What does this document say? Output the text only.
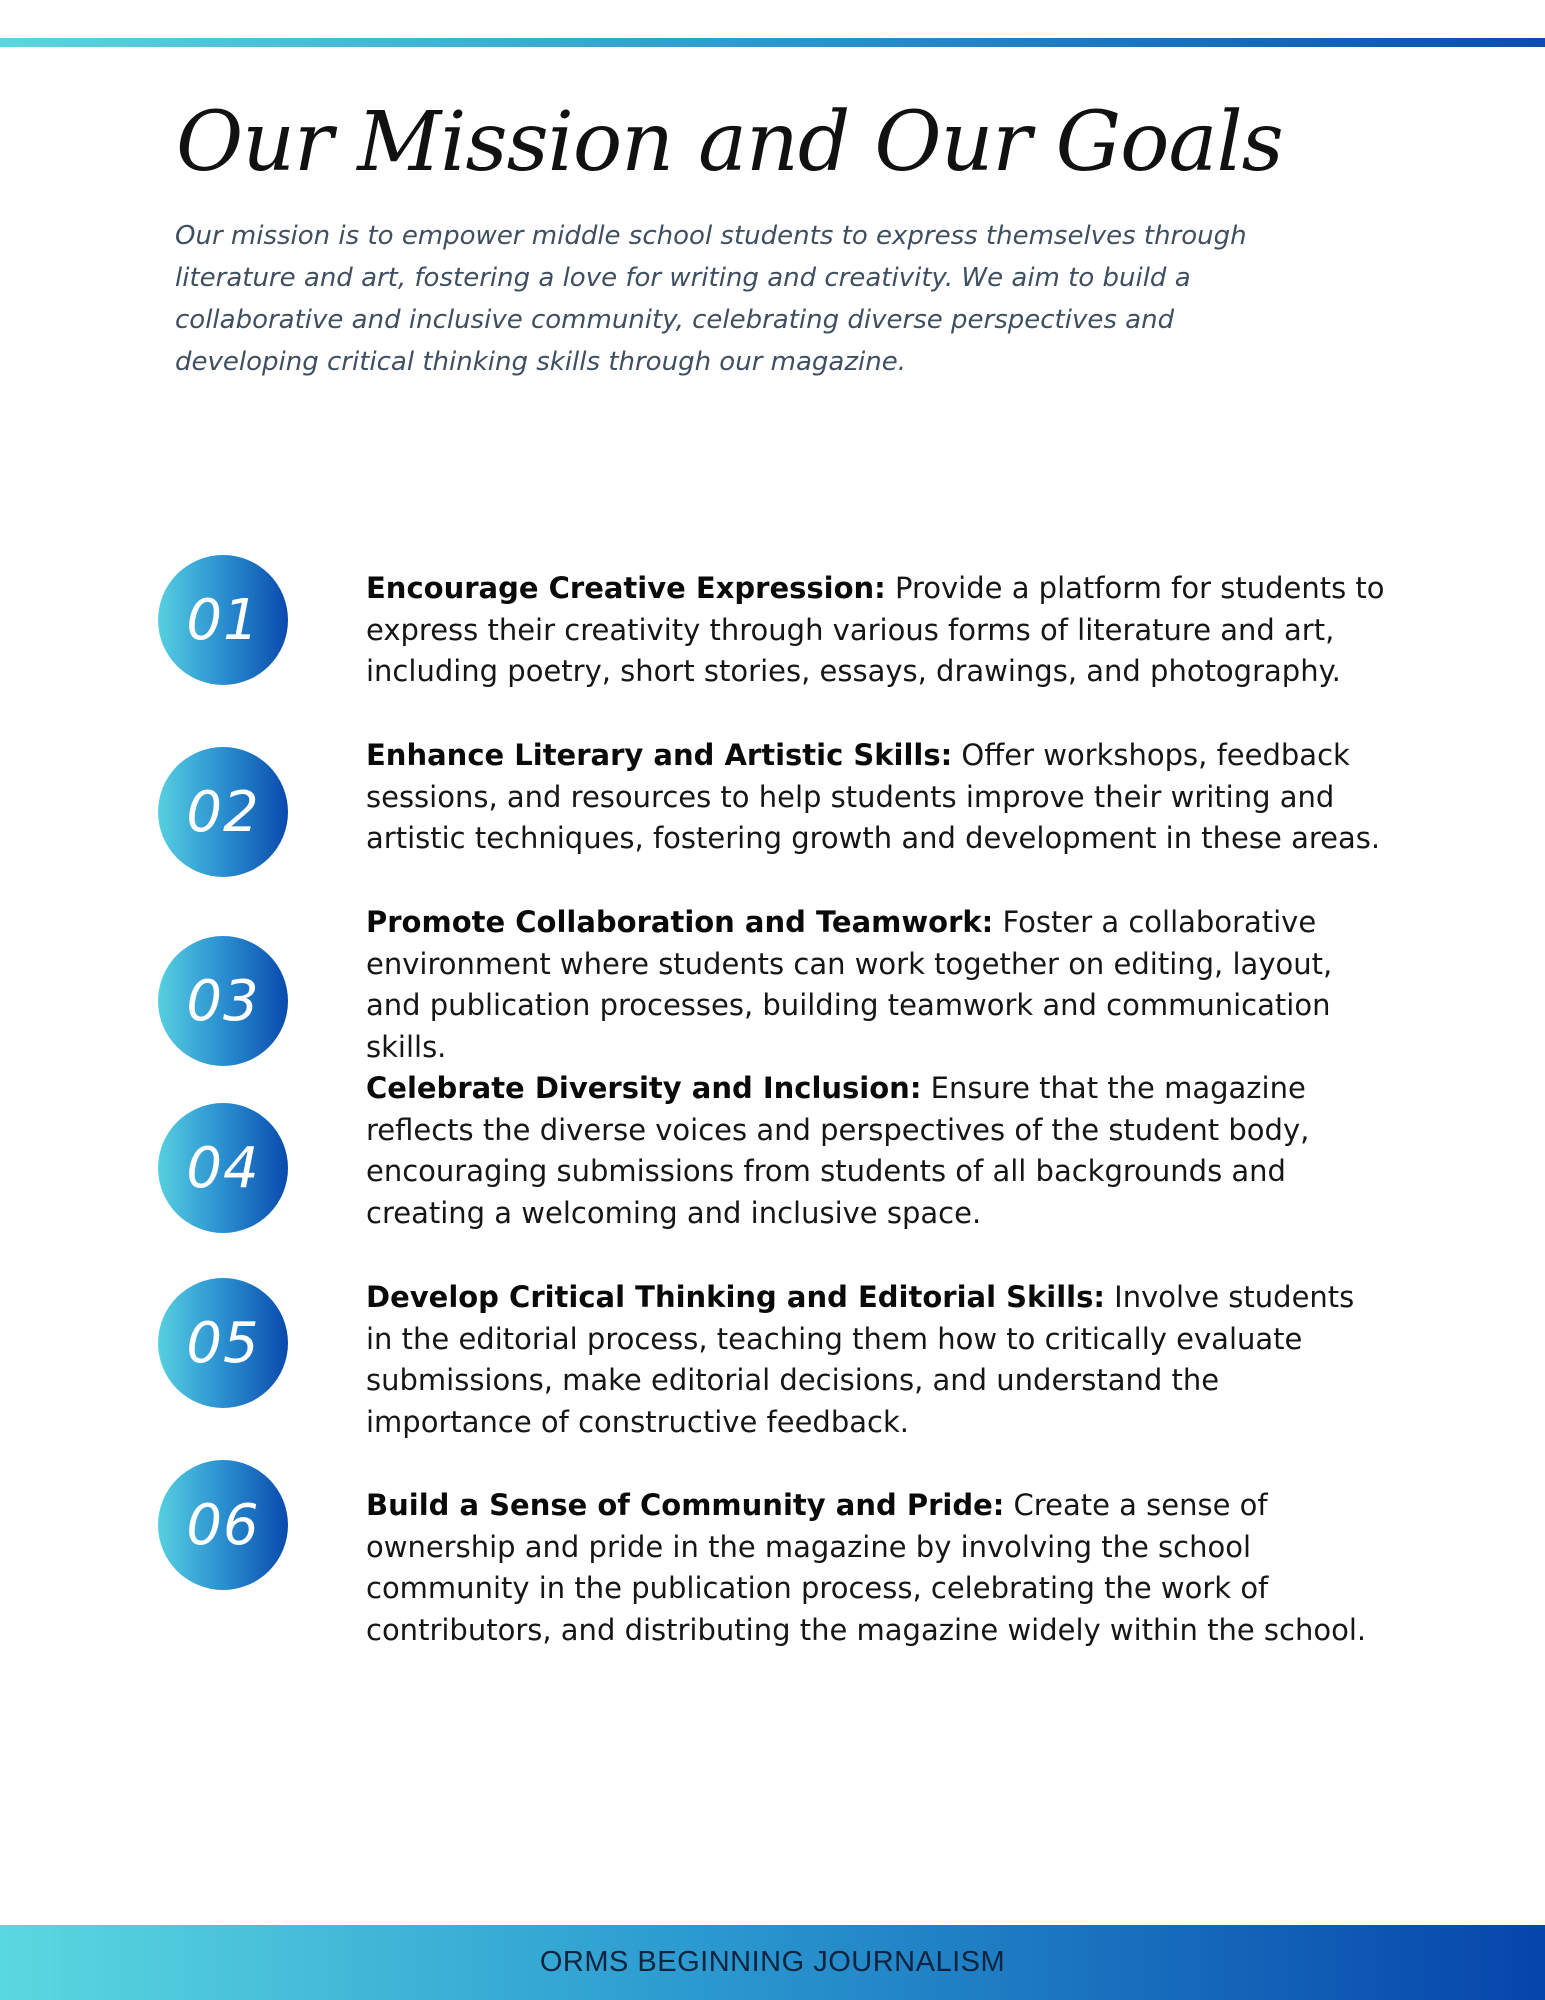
Our Mission and Our Goals

Our mission is to empower middle school students to express themselves through literature and art, fostering a love for writing and creativity. We aim to build a collaborative and inclusive community, celebrating diverse perspectives and developing critical thinking skills through our magazine.

01	Encourage Creative Expression: Provide a platform for students to express their creativity through various forms of literature and art, including poetry, short stories, essays, drawings, and photography.

02

Enhance Literary and Artistic Skills: Offer workshops, feedback sessions, and resources to help students improve their writing and artistic techniques, fostering growth and development in these areas.

03

Promote Collaboration and Teamwork: Foster a collaborative environment where students can work together on editing, layout, and publication processes, building teamwork and communication skills.

04

Celebrate Diversity and Inclusion: Ensure that the magazine reflects the diverse voices and perspectives of the student body, encouraging submissions from students of all backgrounds and creating a welcoming and inclusive space.

05

Develop Critical Thinking and Editorial Skills: Involve students in the editorial process, teaching them how to critically evaluate submissions, make editorial decisions, and understand the importance of constructive feedback.

06	Build a Sense of Community and Pride: Create a sense of ownership and pride in the magazine by involving the school community in the publication process, celebrating the work of contributors, and distributing the magazine widely within the school.

ORMS BEGINNING JOURNALISM
